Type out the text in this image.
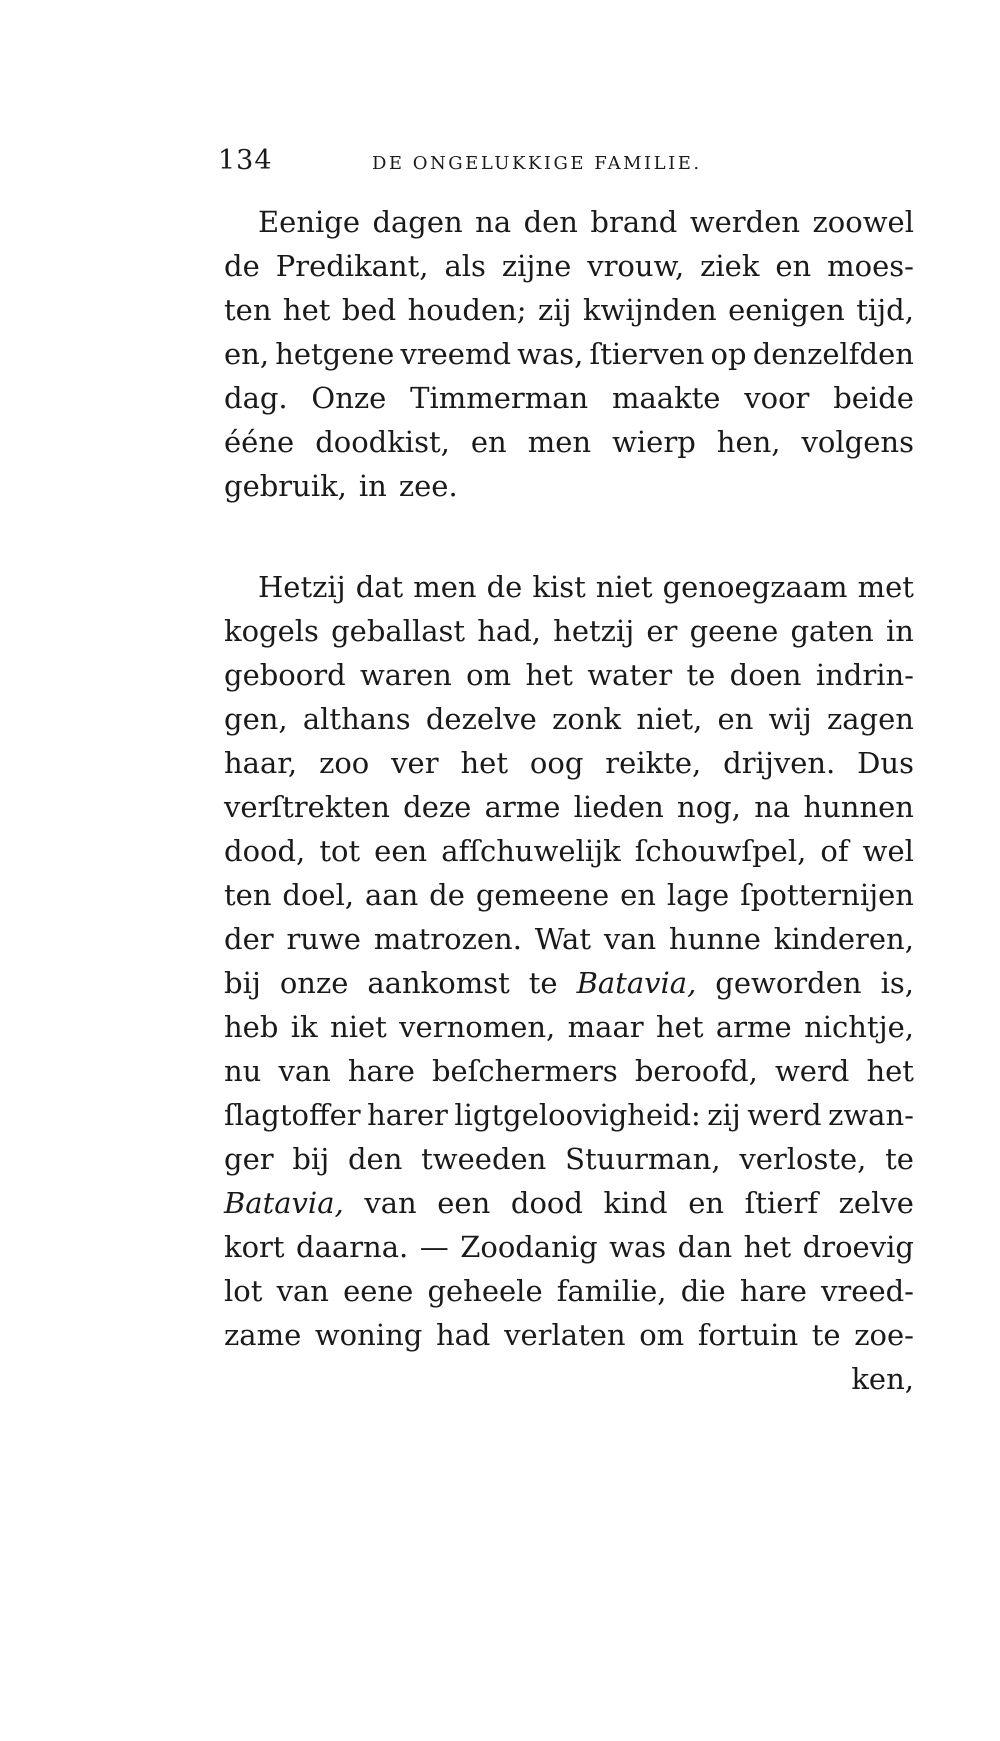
134	DE ONGELUKKIGE FAMILIE.
Eenige dagen na den brand werden zoowel
de Predikant, als zijne vrouw, ziek en moes-
ten het bed houden; zij kwijnden eenigen tijd,
en, hetgene vreemd was, ſtierven op denzelfden
dag. Onze Timmerman maakte voor beide
ééne doodkist, en men wierp hen, volgens
gebruik, in zee.
Hetzij dat men de kist niet genoegzaam met
kogels geballast had, hetzij er geene gaten in
geboord waren om het water te doen indrin-
gen, althans dezelve zonk niet, en wij zagen
haar, zoo ver het oog reikte, drijven. Dus
verſtrekten deze arme lieden nog, na hunnen
dood, tot een afſchuwelijk ſchouwſpel, of wel
ten doel, aan de gemeene en lage ſpotternijen
der ruwe matrozen. Wat van hunne kinderen,
bij onze aankomst te Batavia, geworden is,
heb ik niet vernomen, maar het arme nichtje,
nu van hare beſchermers beroofd, werd het
ſlagtoffer harer ligtgeloovigheid: zij werd zwan-
ger bij den tweeden Stuurman, verloste, te
Batavia, van een dood kind en ſtierf zelve
kort daarna. — Zoodanig was dan het droevig
lot van eene geheele familie, die hare vreed-
zame woning had verlaten om fortuin te zoe-
ken,
